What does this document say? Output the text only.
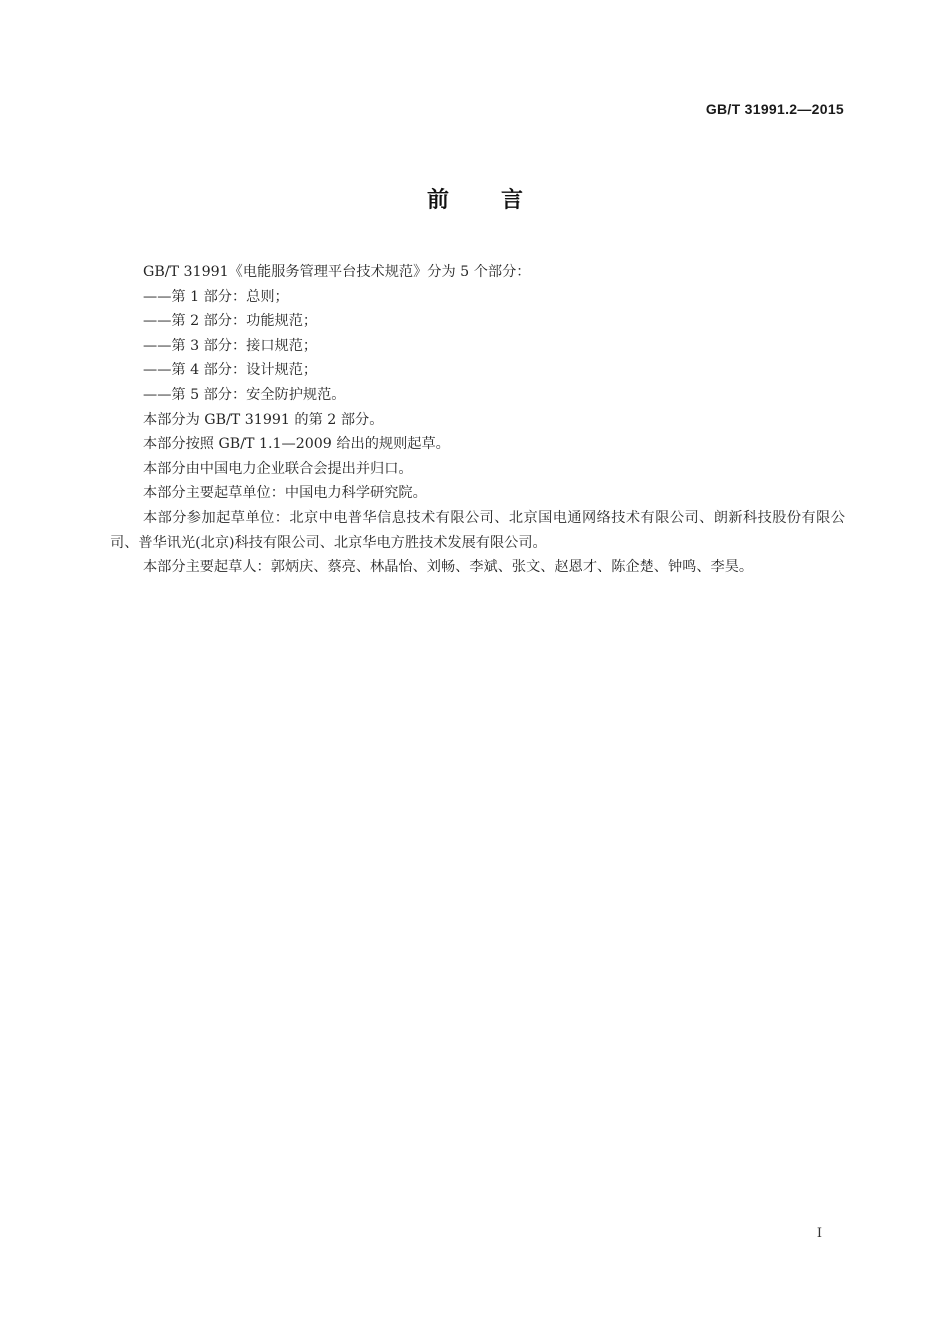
GB/T 31991.2—2015
前言

GB/T 31991《电能服务管理平台技术规范》分为 5 个部分：

——第 1 部分：总则；

——第 2 部分：功能规范；

——第 3 部分：接口规范；

——第 4 部分：设计规范；

——第 5 部分：安全防护规范。

本部分为 GB/T 31991 的第 2 部分。

本部分按照 GB/T 1.1—2009 给出的规则起草。

本部分由中国电力企业联合会提出并归口。

本部分主要起草单位：中国电力科学研究院。

本部分参加起草单位：北京中电普华信息技术有限公司、北京国电通网络技术有限公司、朗新科技股份有限公司、普华讯光(北京)科技有限公司、北京华电方胜技术发展有限公司。

本部分主要起草人：郭炳庆、蔡亮、林晶怡、刘畅、李斌、张文、赵恩才、陈企楚、钟鸣、李昊。

I
